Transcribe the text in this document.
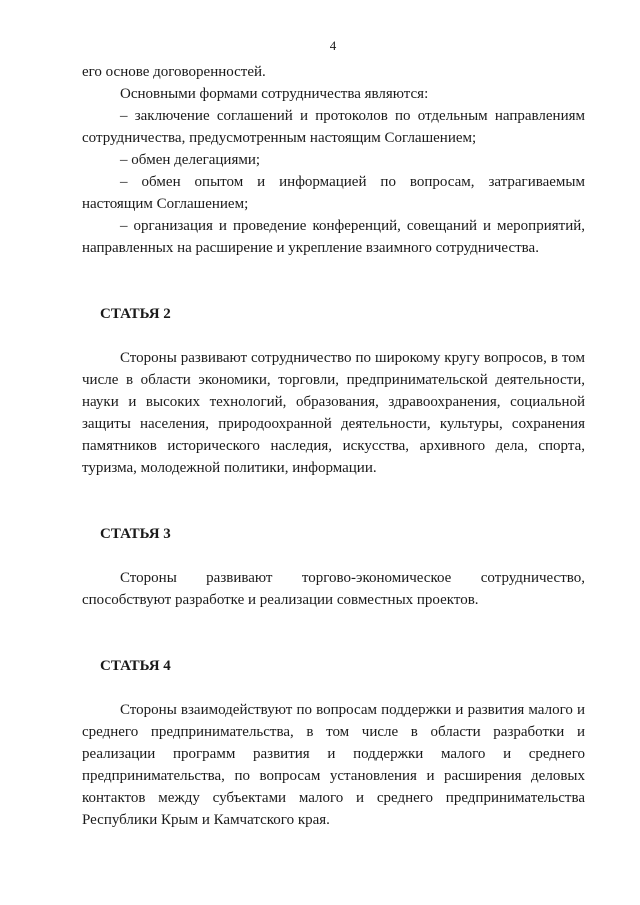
4

его основе договоренностей.

Основными формами сотрудничества являются:

– заключение соглашений и протоколов по отдельным направлениям сотрудничества, предусмотренным настоящим Соглашением;

– обмен делегациями;

– обмен опытом и информацией по вопросам, затрагиваемым настоящим Соглашением;

– организация и проведение конференций, совещаний и мероприятий, направленных на расширение и укрепление взаимного сотрудничества.

СТАТЬЯ 2

Стороны развивают сотрудничество по широкому кругу вопросов, в том числе в области экономики, торговли, предпринимательской деятельности, науки и высоких технологий, образования, здравоохранения, социальной защиты населения, природоохранной деятельности, культуры, сохранения памятников исторического наследия, искусства, архивного дела, спорта, туризма, молодежной политики, информации.

СТАТЬЯ 3

Стороны развивают торгово-экономическое сотрудничество, способствуют разработке и реализации совместных проектов.

СТАТЬЯ 4

Стороны взаимодействуют по вопросам поддержки и развития малого и среднего предпринимательства, в том числе в области разработки и реализации программ развития и поддержки малого и среднего предпринимательства, по вопросам установления и расширения деловых контактов между субъектами малого и среднего предпринимательства Республики Крым и Камчатского края.
